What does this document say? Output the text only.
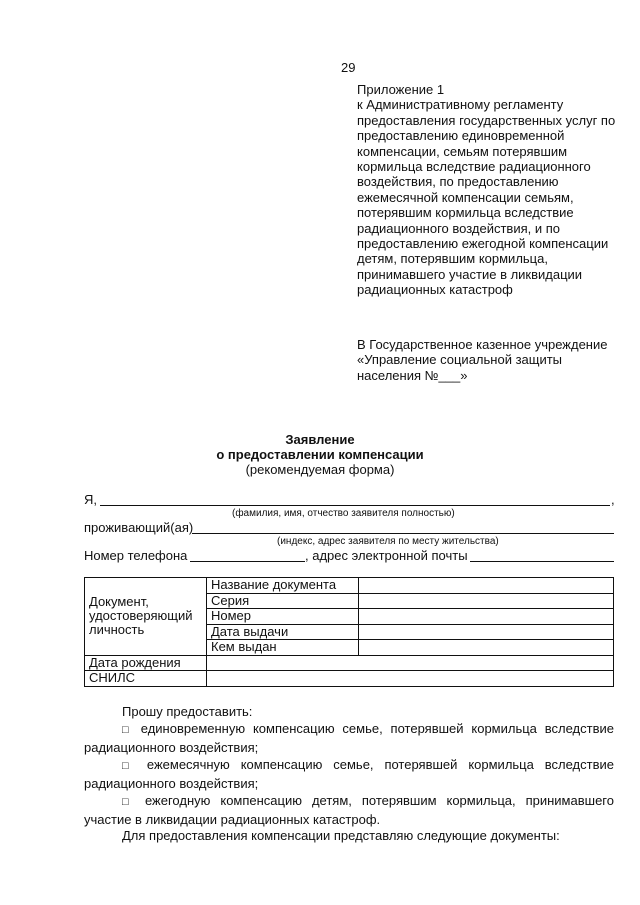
29
Приложение 1
к Административному регламенту
предоставления государственных услуг по
предоставлению единовременной
компенсации, семьям потерявшим
кормильца вследствие радиационного
воздействия, по предоставлению
ежемесячной компенсации семьям,
потерявшим кормильца вследствие
радиационного воздействия, и по
предоставлению ежегодной компенсации
детям, потерявшим кормильца,
принимавшего участие в ликвидации
радиационных катастроф
В Государственное казенное учреждение
«Управление социальной защиты
населения №___»
Заявление
о предоставлении компенсации
(рекомендуемая форма)
Я,	,
(фамилия, имя, отчество заявителя полностью)
проживающий(ая)
(индекс, адрес заявителя по месту жительства)
Номер телефона	, адрес электронной почты
Документ,
удостоверяющий
личность	Название документа	
	Серия	
	Номер	
	Дата выдачи	
	Кем выдан	
Дата рождения		
СНИЛС		
Прошу предоставить:
□ единовременную компенсацию семье, потерявшей кормильца вследствие
радиационного воздействия;
□ ежемесячную компенсацию семье, потерявшей кормильца вследствие
радиационного воздействия;
□ ежегодную компенсацию детям, потерявшим кормильца, принимавшего
участие в ликвидации радиационных катастроф.
Для предоставления компенсации представляю следующие документы:
